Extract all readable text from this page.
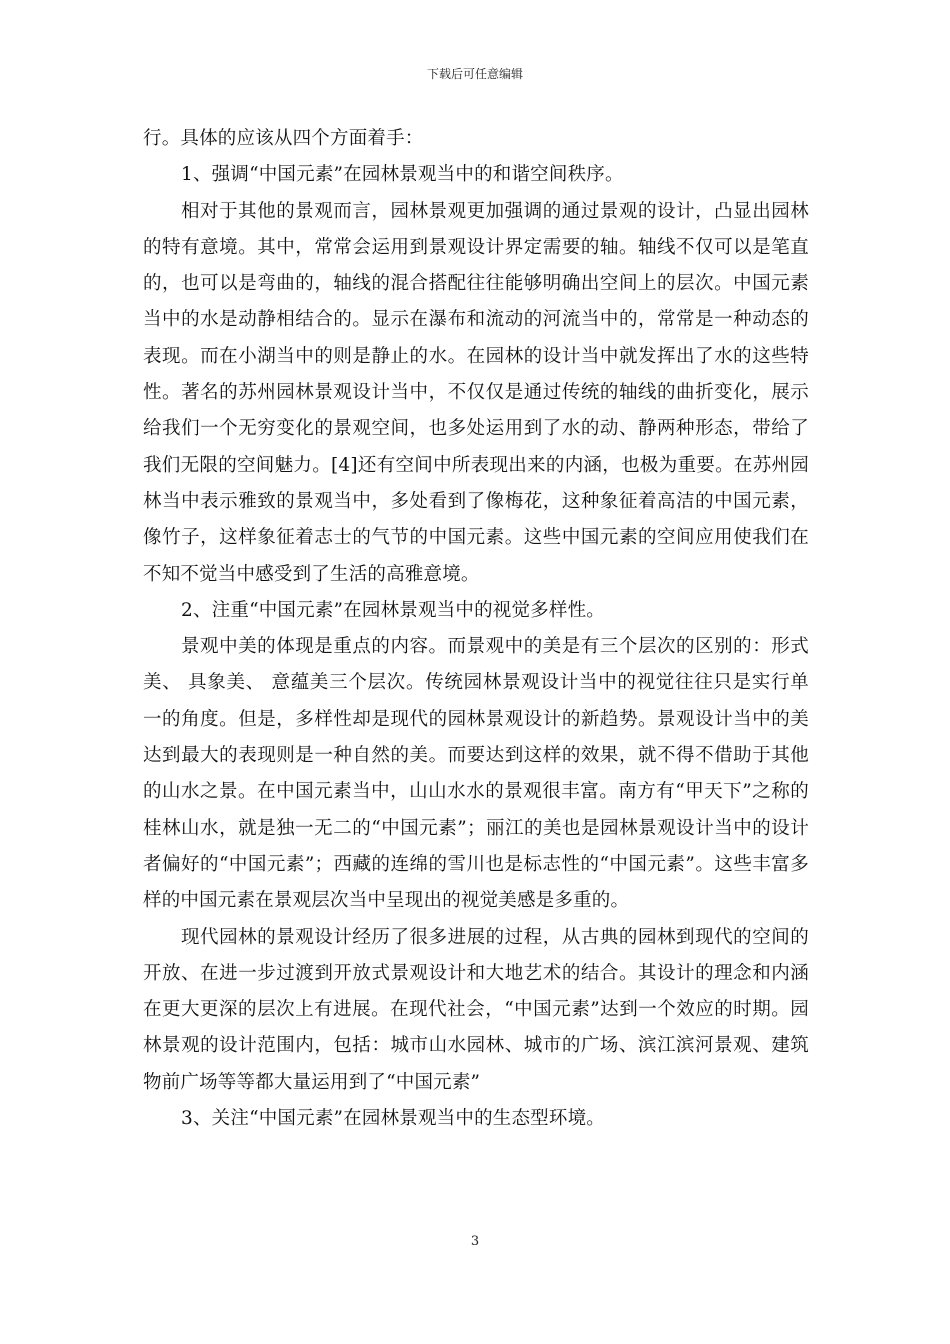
下载后可任意编辑

行。具体的应该从四个方面着手：

1、强调“中国元素”在园林景观当中的和谐空间秩序。

相对于其他的景观而言，园林景观更加强调的通过景观的设计，凸显出园林的特有意境。其中，常常会运用到景观设计界定需要的轴。轴线不仅可以是笔直的，也可以是弯曲的，轴线的混合搭配往往能够明确出空间上的层次。中国元素当中的水是动静相结合的。显示在瀑布和流动的河流当中的，常常是一种动态的表现。而在小湖当中的则是静止的水。在园林的设计当中就发挥出了水的这些特性。著名的苏州园林景观设计当中，不仅仅是通过传统的轴线的曲折变化，展示给我们一个无穷变化的景观空间，也多处运用到了水的动、静两种形态，带给了我们无限的空间魅力。[4]还有空间中所表现出来的内涵，也极为重要。在苏州园林当中表示雅致的景观当中，多处看到了像梅花，这种象征着高洁的中国元素，像竹子，这样象征着志士的气节的中国元素。这些中国元素的空间应用使我们在不知不觉当中感受到了生活的高雅意境。

2、注重“中国元素”在园林景观当中的视觉多样性。

景观中美的体现是重点的内容。而景观中的美是有三个层次的区别的：形式美、 具象美、 意蕴美三个层次。传统园林景观设计当中的视觉往往只是实行单一的角度。但是，多样性却是现代的园林景观设计的新趋势。景观设计当中的美达到最大的表现则是一种自然的美。而要达到这样的效果，就不得不借助于其他的山水之景。在中国元素当中，山山水水的景观很丰富。南方有“甲天下”之称的桂林山水，就是独一无二的“中国元素”；丽江的美也是园林景观设计当中的设计者偏好的“中国元素”；西藏的连绵的雪川也是标志性的“中国元素”。这些丰富多样的中国元素在景观层次当中呈现出的视觉美感是多重的。

现代园林的景观设计经历了很多进展的过程，从古典的园林到现代的空间的开放、在进一步过渡到开放式景观设计和大地艺术的结合。其设计的理念和内涵在更大更深的层次上有进展。在现代社会，“中国元素”达到一个效应的时期。园林景观的设计范围内，包括：城市山水园林、城市的广场、滨江滨河景观、建筑物前广场等等都大量运用到了“中国元素”

3、关注“中国元素”在园林景观当中的生态型环境。

3
